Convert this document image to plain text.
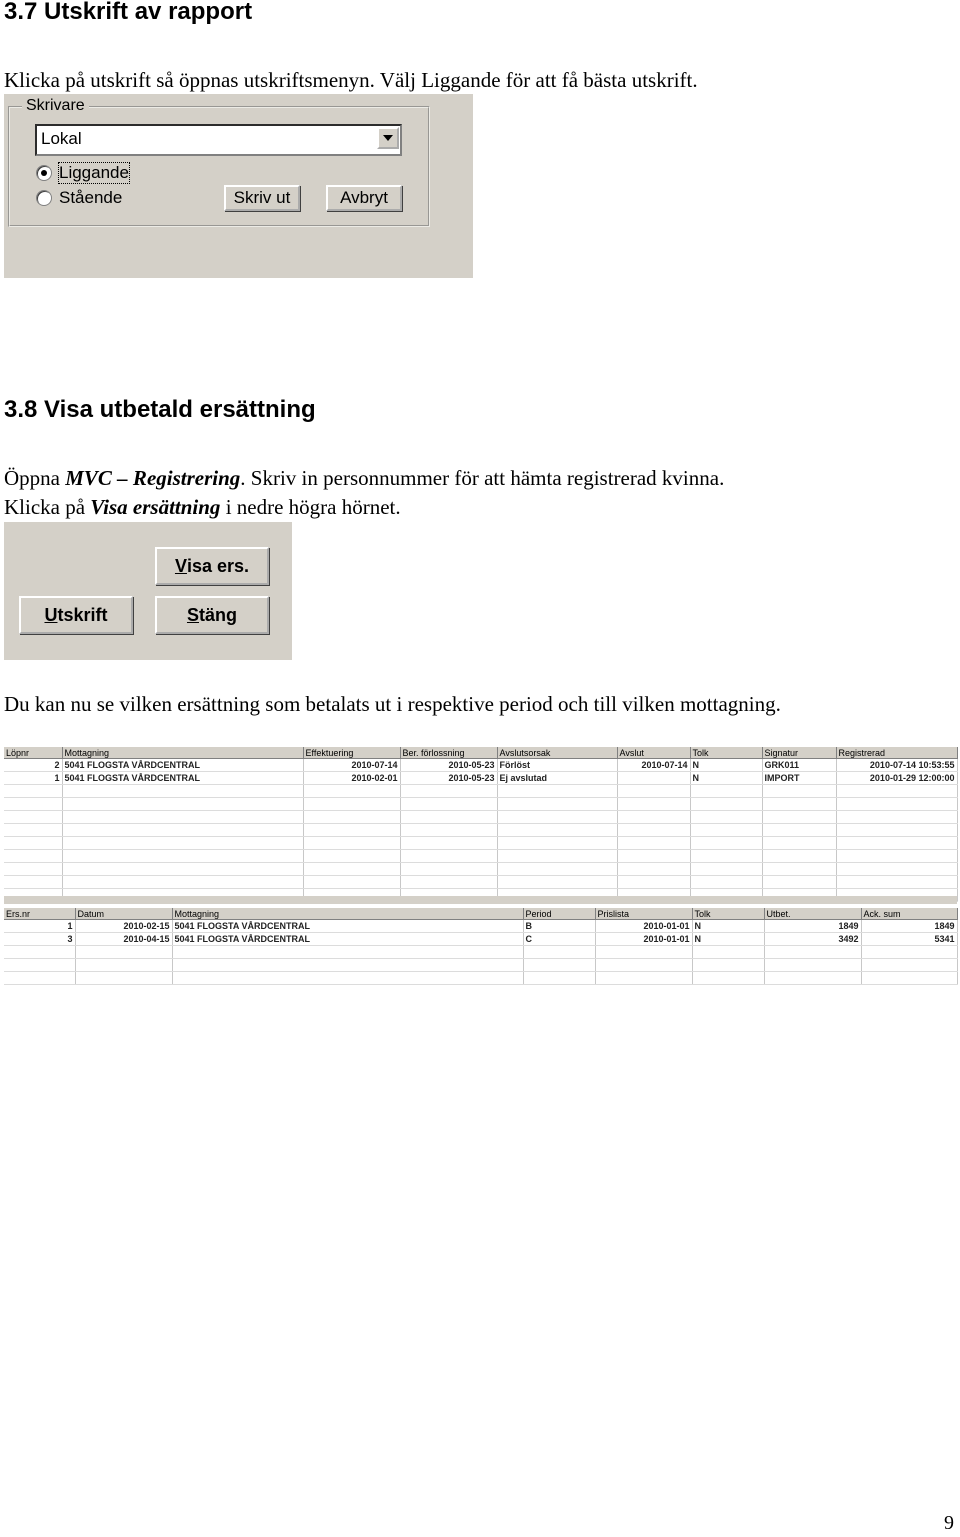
3.7 Utskrift av rapport

Klicka på utskrift så öppnas utskriftsmenyn. Välj Liggande för att få bästa utskrift.

Skrivare
Lokal
Liggande
Stående	Skriv ut	Avbryt
3.8 Visa utbetald ersättning

Öppna MVC – Registrering. Skriv in personnummer för att hämta registrerad kvinna.

Klicka på Visa ersättning i nedre högra hörnet.

V isa ers.
U tskrift	S täng

Du kan nu se vilken ersättning som betalats ut i respektive period och till vilken mottagning.

Löpnr	Mottagning	Effektuering	Ber. förlossning	Avslutsorsak	Avslut	Tolk	Signatur	Registrerad
2	5041 FLOGSTA VÅRDCENTRAL	2010-07-14	2010-05-23	Förlöst	2010-07-14	N	GRK011	2010-07-14 10:53:55
1	5041 FLOGSTA VÅRDCENTRAL	2010-02-01	2010-05-23	Ej avslutad		N	IMPORT	2010-01-29 12:00:00

Ers.nr	Datum	Mottagning	Period	Prislista	Tolk	Utbet.	Ack. sum
1	2010-02-15	5041 FLOGSTA VÅRDCENTRAL	B	2010-01-01	N	1849	1849
3	2010-04-15	5041 FLOGSTA VÅRDCENTRAL	C	2010-01-01	N	3492	5341

9
